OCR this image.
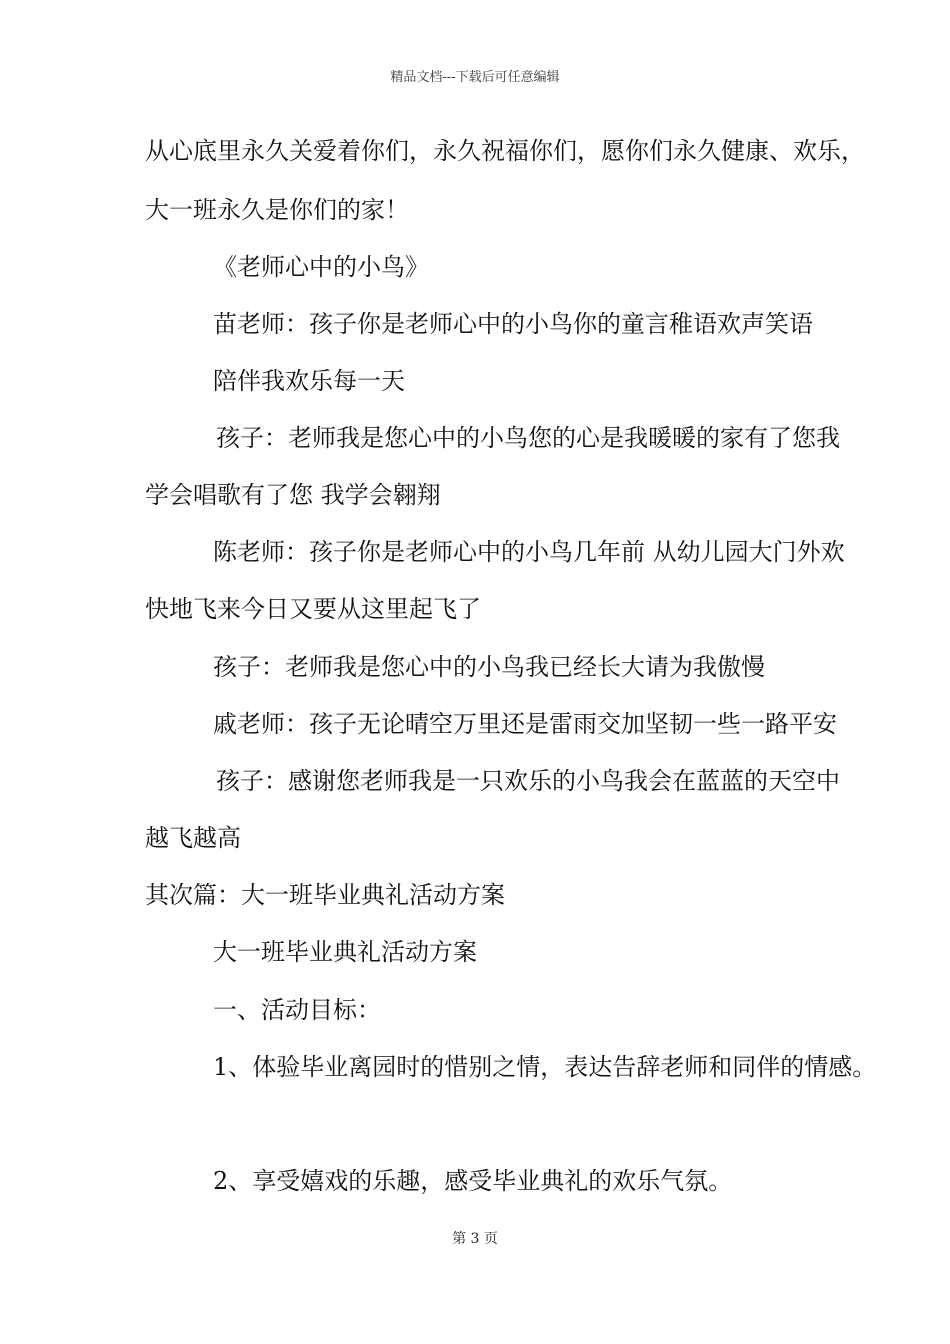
精品文档---下载后可任意编辑
从心底里永久关爱着你们，永久祝福你们，愿你们永久健康、欢乐，
大一班永久是你们的家！
《老师心中的小鸟》
苗老师：孩子你是老师心中的小鸟你的童言稚语欢声笑语
陪伴我欢乐每一天
孩子：老师我是您心中的小鸟您的心是我暖暖的家有了您我
学会唱歌有了您 我学会翱翔
陈老师：孩子你是老师心中的小鸟几年前 从幼儿园大门外欢
快地飞来今日又要从这里起飞了
孩子：老师我是您心中的小鸟我已经长大请为我傲慢
戚老师：孩子无论晴空万里还是雷雨交加坚韧一些一路平安
孩子：感谢您老师我是一只欢乐的小鸟我会在蓝蓝的天空中
越飞越高
其次篇：大一班毕业典礼活动方案
大一班毕业典礼活动方案
一、活动目标：
1、体验毕业离园时的惜别之情，表达告辞老师和同伴的情感。
2、享受嬉戏的乐趣，感受毕业典礼的欢乐气氛。
第 3 页
